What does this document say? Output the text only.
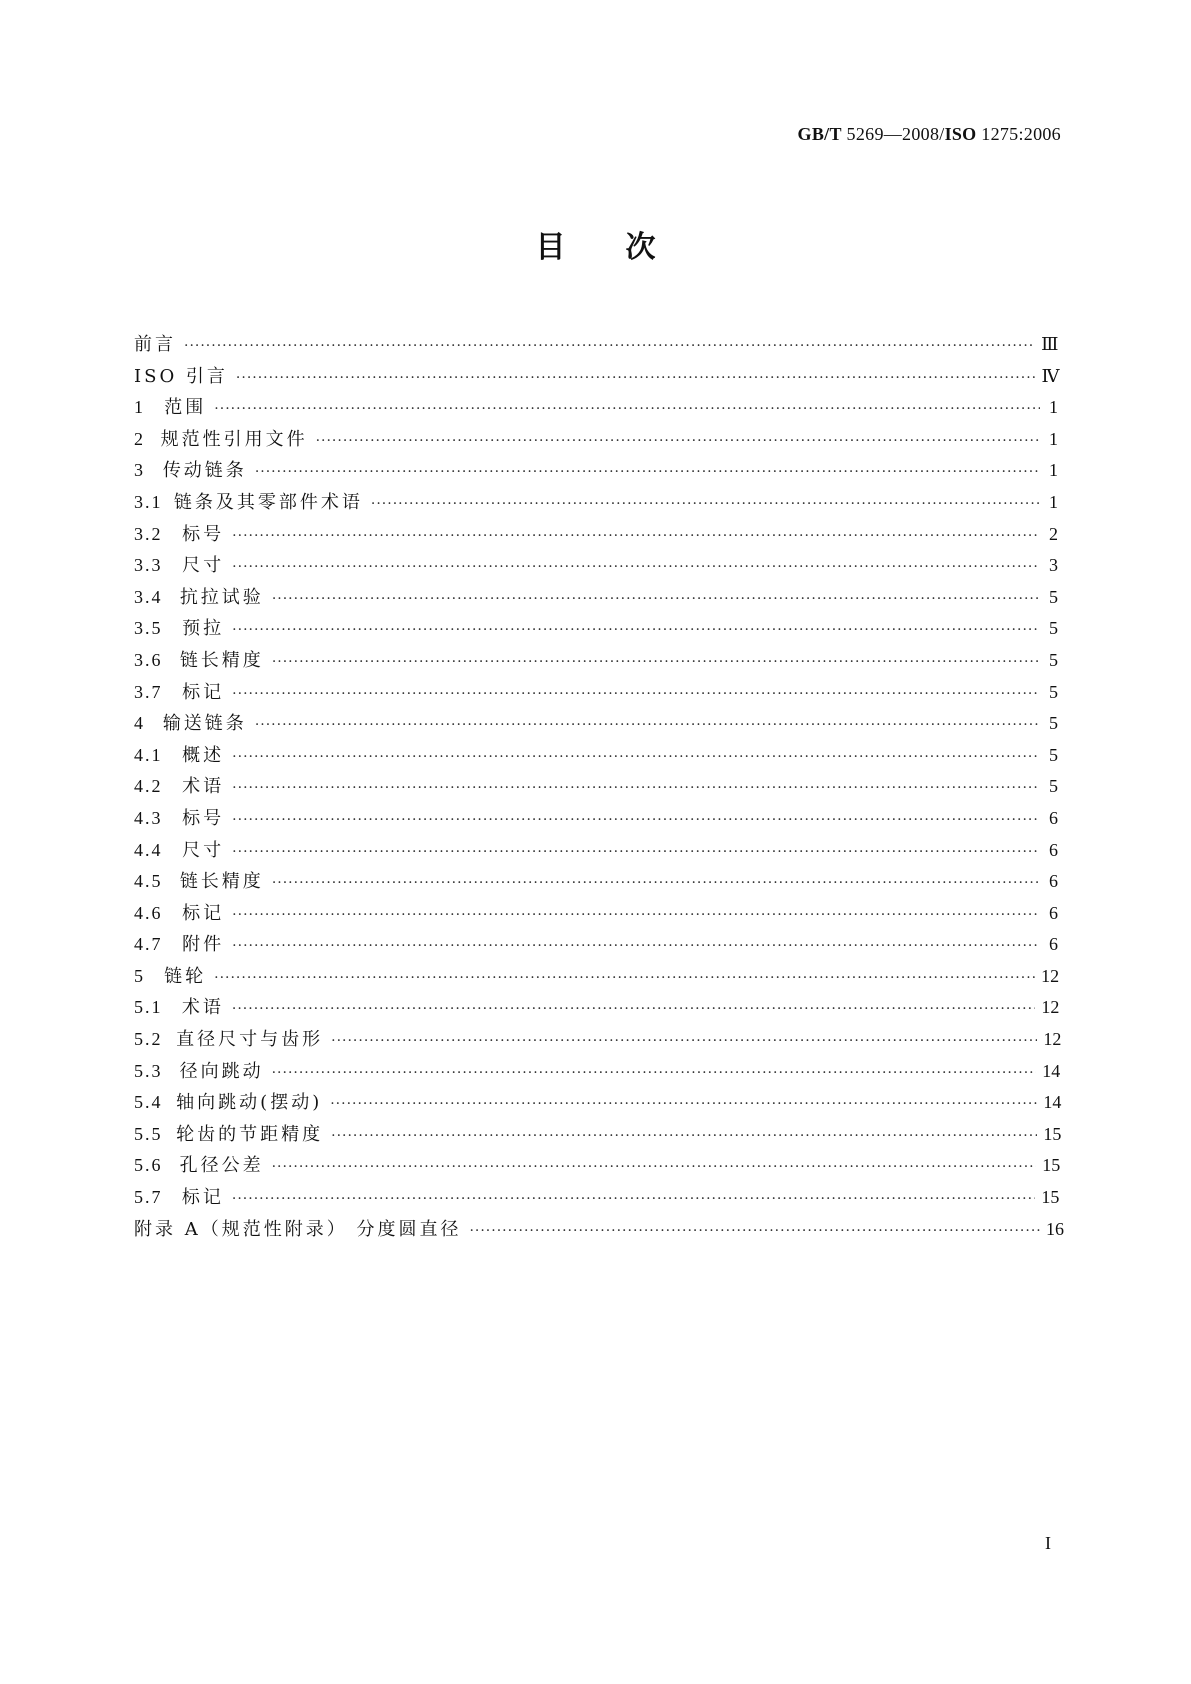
GB/T 5269—2008/ISO 1275:2006
目次
前言 ·····	Ⅲ
ISO 引言 ·····	Ⅳ
1	范围 ·····	1
2 规范性引用文件 ·····	1
3 传动链条 ·····	1
3.1 链条及其零部件术语 ·····	1
3.2	标号 ·····	2
3.3	尺寸 ·····	3
3.4 抗拉试验 ·····	5
3.5	预拉 ·····	5
3.6 链长精度 ·····	5
3.7	标记 ·····	5
4 输送链条 ·····	5
4.1	概述 ·····	5
4.2	术语 ·····	5
4.3	标号 ·····	6
4.4	尺寸 ·····	6
4.5 链长精度 ·····	6
4.6	标记 ·····	6
4.7	附件 ·····	6
5	链轮 ·····	12
5.1	术语 ·····	12
5.2 直径尺寸与齿形 ·····	12
5.3 径向跳动 ·····	14
5.4 轴向跳动(摆动) ·····	14
5.5 轮齿的节距精度 ·····	15
5.6 孔径公差 ·····	15
5.7	标记 ·····	15
附录 A（规范性附录） 分度圆直径 ·····	16
I
